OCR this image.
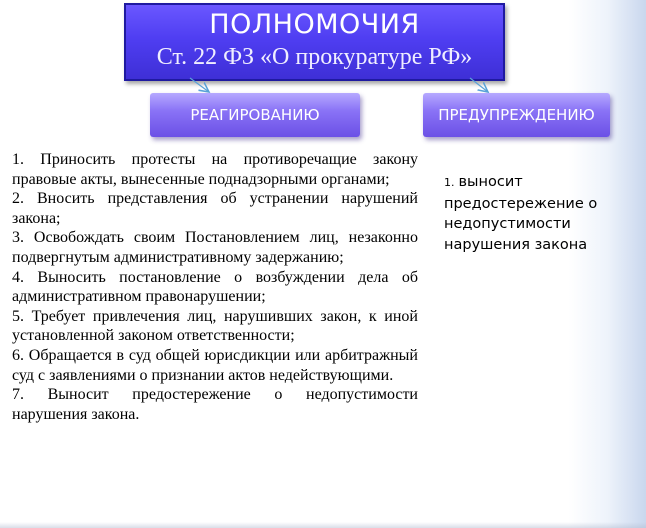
ПОЛНОМОЧИЯ
Ст. 22 ФЗ «О прокуратуре РФ»
РЕАГИРОВАНИЮ	ПРЕДУПРЕЖДЕНИЮ

1. Приносить протесты на противоречащие закону правовые акты, вынесенные поднадзорными органами;

2. Вносить представления об устранении нарушений закона;

3. Освобождать своим Постановлением лиц, незаконно подвергнутым административному задержанию;

4. Выносить постановление о возбуждении дела об административном правонарушении;

5. Требует привлечения лиц, нарушивших закон, к иной установленной законом ответственности;

6. Обращается в суд общей юрисдикции или арбитражный суд с заявлениями о признании актов недействующими.

7. Выносит предостережение о недопустимости нарушения закона.

1. выносит предостережение о недопустимости нарушения закона
